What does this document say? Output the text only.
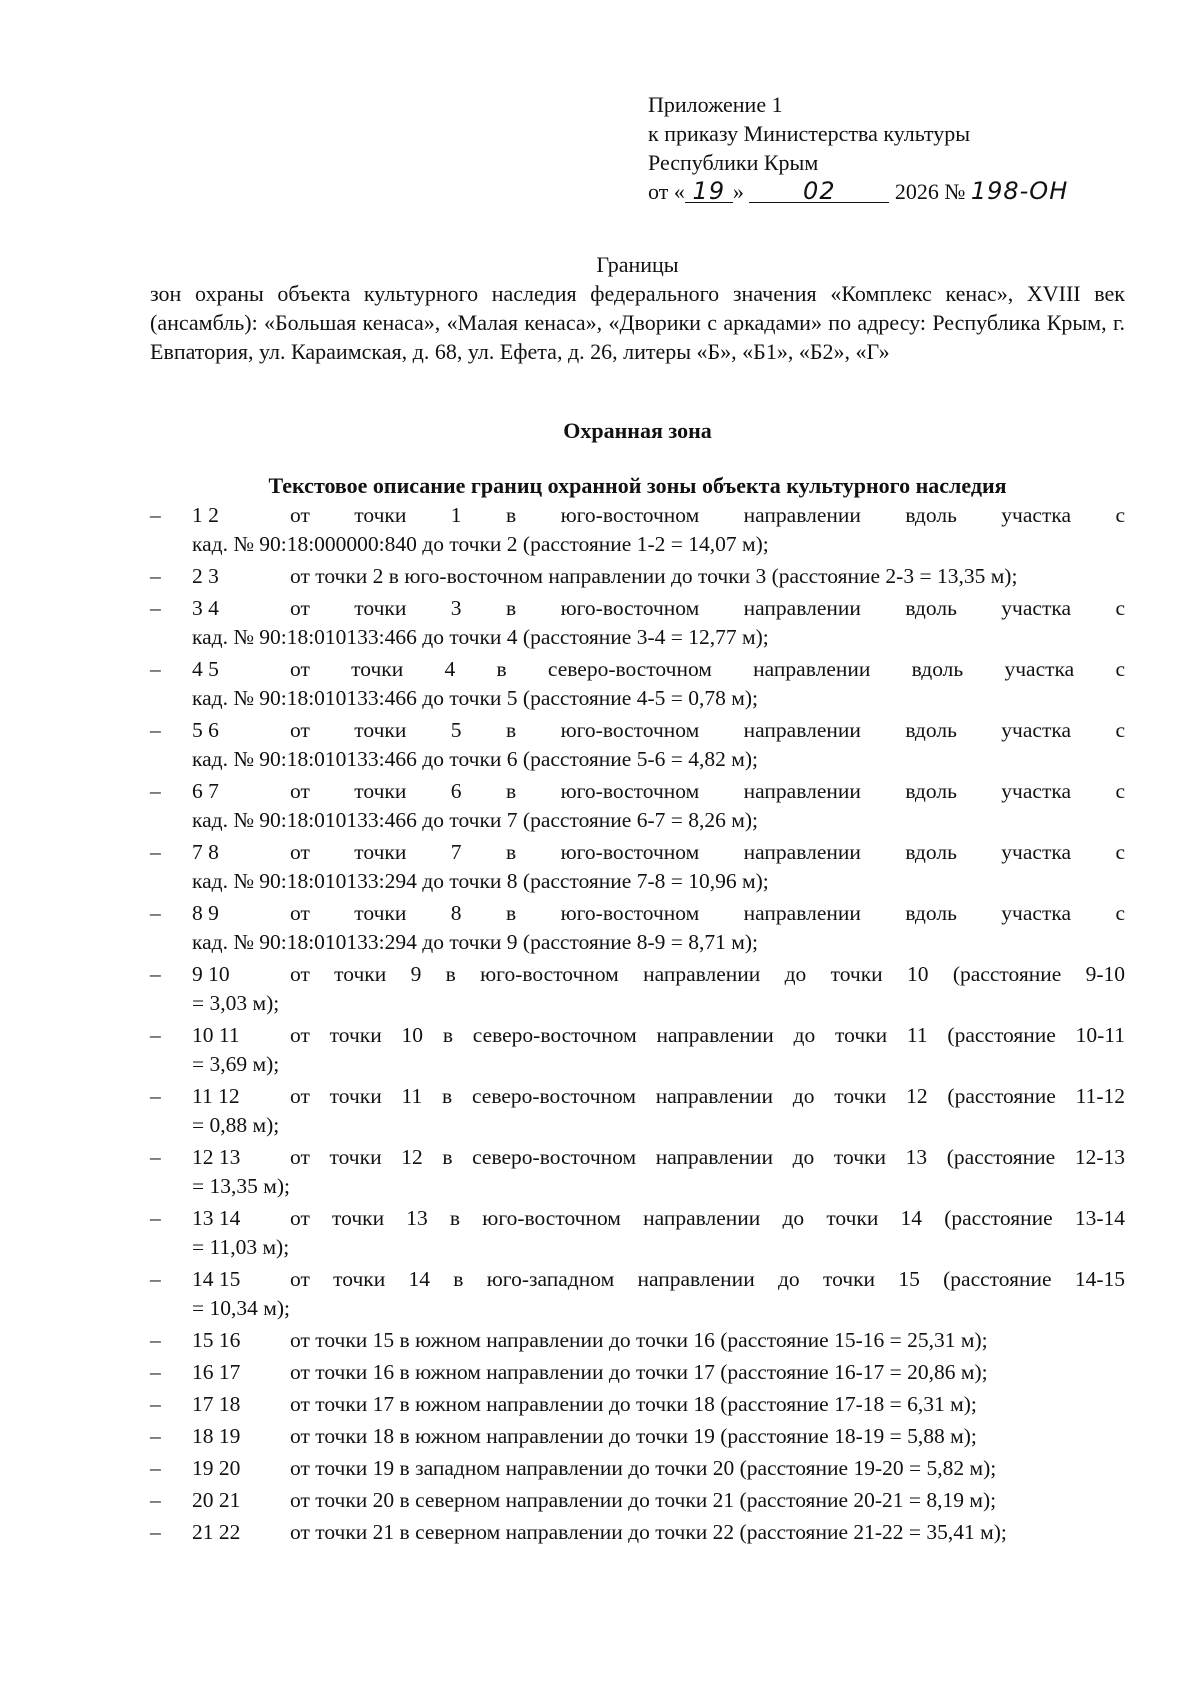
Приложение 1
к приказу Министерства культуры
Республики Крым
от « 19 » 02	2026 № 198-ОН
Границы
зон охраны объекта культурного наследия федерального значения «Комплекс кенас», XVIII век (ансамбль): «Большая кенаса», «Малая кенаса», «Дворики с аркадами» по адресу: Республика Крым, г. Евпатория, ул. Караимская, д. 68, ул. Ефета, д. 26, литеры «Б», «Б1», «Б2», «Г»
Охранная зона
Текстовое описание границ охранной зоны объекта культурного наследия
–	1 2	от точки 1 в юго-восточном направлении вдоль участка с
кад. № 90:18:000000:840 до точки 2 (расстояние 1-2 = 14,07 м);
–	2 3	от точки 2 в юго-восточном направлении до точки 3 (расстояние 2-3 = 13,35 м);
–	3 4	от точки 3 в юго-восточном направлении вдоль участка с
кад. № 90:18:010133:466 до точки 4 (расстояние 3-4 = 12,77 м);
–	4 5	от точки 4 в северо-восточном направлении вдоль участка с
кад. № 90:18:010133:466 до точки 5 (расстояние 4-5 = 0,78 м);
–	5 6	от точки 5 в юго-восточном направлении вдоль участка с
кад. № 90:18:010133:466 до точки 6 (расстояние 5-6 = 4,82 м);
–	6 7	от точки 6 в юго-восточном направлении вдоль участка с
кад. № 90:18:010133:466 до точки 7 (расстояние 6-7 = 8,26 м);
–	7 8	от точки 7 в юго-восточном направлении вдоль участка с
кад. № 90:18:010133:294 до точки 8 (расстояние 7-8 = 10,96 м);
–	8 9	от точки 8 в юго-восточном направлении вдоль участка с
кад. № 90:18:010133:294 до точки 9 (расстояние 8-9 = 8,71 м);
–	9 10	от точки 9 в юго-восточном направлении до точки 10 (расстояние 9-10
= 3,03 м);
–	10 11	от точки 10 в северо-восточном направлении до точки 11 (расстояние 10-11
= 3,69 м);
–	11 12	от точки 11 в северо-восточном направлении до точки 12 (расстояние 11-12
= 0,88 м);
–	12 13	от точки 12 в северо-восточном направлении до точки 13 (расстояние 12-13
= 13,35 м);
–	13 14	от точки 13 в юго-восточном направлении до точки 14 (расстояние 13-14
= 11,03 м);
–	14 15	от точки 14 в юго-западном направлении до точки 15 (расстояние 14-15
= 10,34 м);
–	15 16	от точки 15 в южном направлении до точки 16 (расстояние 15-16 = 25,31 м);
–	16 17	от точки 16 в южном направлении до точки 17 (расстояние 16-17 = 20,86 м);
–	17 18	от точки 17 в южном направлении до точки 18 (расстояние 17-18 = 6,31 м);
–	18 19	от точки 18 в южном направлении до точки 19 (расстояние 18-19 = 5,88 м);
–	19 20	от точки 19 в западном направлении до точки 20 (расстояние 19-20 = 5,82 м);
–	20 21	от точки 20 в северном направлении до точки 21 (расстояние 20-21 = 8,19 м);
–	21 22	от точки 21 в северном направлении до точки 22 (расстояние 21-22 = 35,41 м);
